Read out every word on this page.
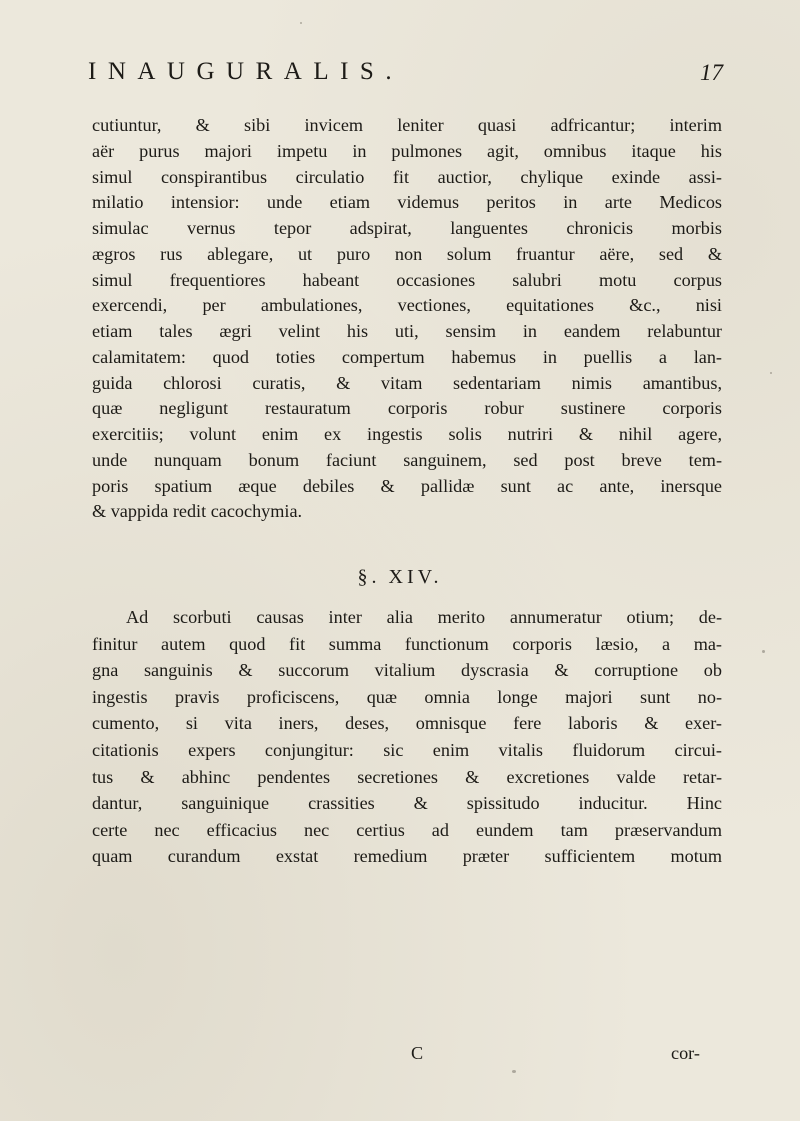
INAUGURALIS.	17
cutiuntur, & sibi invicem leniter quasi adfricantur; interim
aër purus majori impetu in pulmones agit, omnibus itaque his
simul conspirantibus circulatio fit auctior, chylique exinde assi-
milatio intensior: unde etiam videmus peritos in arte Medicos
simulac vernus tepor adspirat, languentes chronicis morbis
ægros rus ablegare, ut puro non solum fruantur aëre, sed &
simul frequentiores habeant occasiones salubri motu corpus
exercendi, per ambulationes, vectiones, equitationes &c., nisi
etiam tales ægri velint his uti, sensim in eandem relabuntur
calamitatem: quod toties compertum habemus in puellis a lan-
guida chlorosi curatis, & vitam sedentariam nimis amantibus,
quæ negligunt restauratum corporis robur sustinere corporis
exercitiis; volunt enim ex ingestis solis nutriri & nihil agere,
unde nunquam bonum faciunt sanguinem, sed post breve tem-
poris spatium æque debiles & pallidæ sunt ac ante, inersque
& vappida redit cacochymia.
§. XIV.
Ad scorbuti causas inter alia merito annumeratur otium; de-
finitur autem quod fit summa functionum corporis læsio, a ma-
gna sanguinis & succorum vitalium dyscrasia & corruptione ob
ingestis pravis proficiscens, quæ omnia longe majori sunt no-
cumento, si vita iners, deses, omnisque fere laboris & exer-
citationis expers conjungitur: sic enim vitalis fluidorum circui-
tus & abhinc pendentes secretiones & excretiones valde retar-
dantur, sanguinique crassities & spissitudo inducitur. Hinc
certe nec efficacius nec certius ad eundem tam præservandum
quam curandum exstat remedium præter sufficientem motum
C	cor-
